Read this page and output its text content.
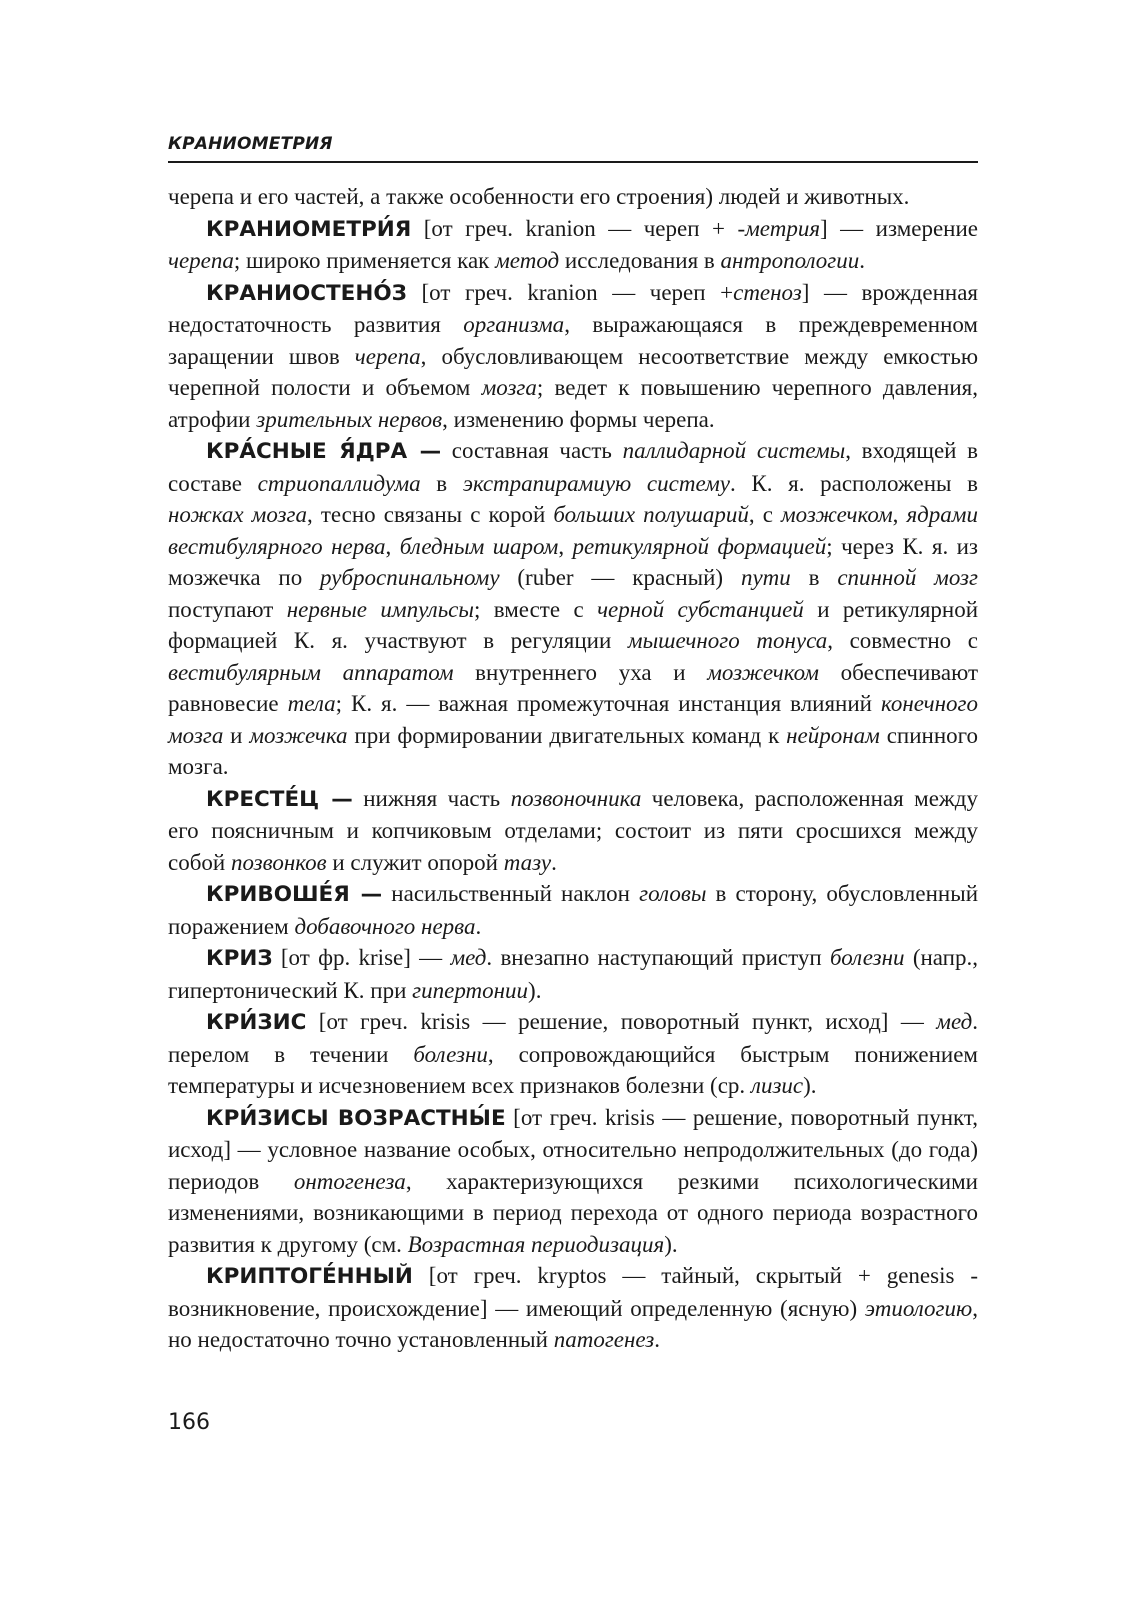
КРАНИОМЕТРИЯ

черепа и его частей, а также особенности его строения) людей и животных.

КРАНИОМЕТРИ́Я [от греч. kranion — череп + -метрия] — измерение черепа; широко применяется как метод исследования в антропологии.

КРАНИОСТЕНО́З [от греч. kranion — череп +стеноз] — врожденная недостаточность развития организма, выражающаяся в преждевременном заращении швов черепа, обусловливающем несоответствие между емкостью черепной полости и объемом мозга; ведет к повышению черепного давления, атрофии зрительных нервов, изменению формы черепа.

КРА́СНЫЕ Я́ДРА — составная часть паллидарной системы, входящей в составе стриопаллидума в экстрапирамиую систему. К. я. расположены в ножках мозга, тесно связаны с корой больших полушарий, с мозжечком, ядрами вестибулярного нерва, бледным шаром, ретикулярной формацией; через К. я. из мозжечка по руброспинальному (ruber — красный) пути в спинной мозг поступают нервные импульсы; вместе с черной субстанцией и ретикулярной формацией К. я. участвуют в регуляции мышечного тонуса, совместно с вестибулярным аппаратом внутреннего уха и мозжечком обеспечивают равновесие тела; К. я. — важная промежуточная инстанция влияний конечного мозга и мозжечка при формировании двигательных команд к нейронам спинного мозга.

КРЕСТЕ́Ц — нижняя часть позвоночника человека, расположенная между его поясничным и копчиковым отделами; состоит из пяти сросшихся между собой позвонков и служит опорой тазу.

КРИВОШЕ́Я — насильственный наклон головы в сторону, обусловленный поражением добавочного нерва.

КРИЗ [от фр. krise] — мед. внезапно наступающий приступ болезни (напр., гипертонический К. при гипертонии).

КРИ́ЗИС [от греч. krisis — решение, поворотный пункт, исход] — мед. перелом в течении болезни, сопровождающийся быстрым понижением температуры и исчезновением всех признаков болезни (ср. лизис).

КРИ́ЗИСЫ ВОЗРАСТНЫ́Е [от греч. krisis — решение, поворотный пункт, исход] — условное название особых, относительно непродолжительных (до года) периодов онтогенеза, характеризующихся резкими психологическими изменениями, возникающими в период перехода от одного периода возрастного развития к другому (см. Возрастная периодизация).

КРИПТОГЕ́ННЫЙ [от греч. kryptos — тайный, скрытый + genesis - возникновение, происхождение] — имеющий определенную (ясную) этиологию, но недостаточно точно установленный патогенез.

166
